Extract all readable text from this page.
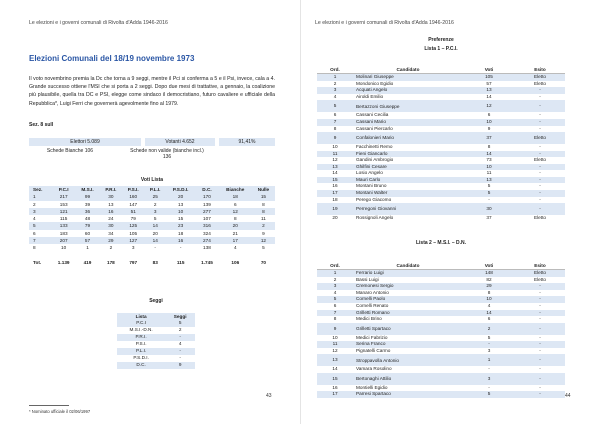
Le elezioni e i governi comunali di Rivolta d'Adda 1946-2016
Elezioni Comunali del 18/19 novembre 1973
Il voto novembrino premia la Dc che torna a 9 seggi, mentre il Pci si conferma a 5 e il Psi, invece, cala a 4. Grande successo ottiene l'MSI che si porta a 2 seggi. Dopo due mesi di trattative, a gennaio, la coalizione più plausibile, quella tra DC e PSI, elegge come sindaco il democristiano, futuro cavaliere e ufficiale della Repubblica*, Luigi Ferri che governerà agevolmente fino al 1979.
Sez. 8 sull
Elettori 5.089	Votanti 4.652	91,41%
Schede Bianche 106	Schede non valide (bianche incl.)
136
Voti Lista
Sez.	P.C.I	M.S.I.	P.R.I.	P.S.I.	P.L.I.	P.S.D.I.	D.C.	Bianche	Nulle
1	217	99	30	160	25	20	170	18	15
2	153	39	13	147	2	13	139	6	8
3	121	36	16	51	3	10	277	12	8
4	115	48	24	79	5	15	107	8	11
5	133	79	30	125	14	23	316	20	2
6	183	60	34	105	20	18	324	21	9
7	207	57	29	127	14	16	274	17	12
8	10	1	2	3	-	-	138	4	5

Tot.	1.139	419	178	797	83	115	1.745	106	70
Seggi
Lista	Seggi
P.C.I	5
M.S.I.-D.N.	2
P.R.I.	-
P.S.I.	4
P.L.I.	-
P.S.D.I.	-
D.C.	9
* Nominato ufficiale il 02/06/1997
43
Le elezioni e i governi comunali di Rivolta d'Adda 1946-2016
Preferenze
Lista 1 – P.C.I.
Ord.	Candidato	Voti	Esito
1	Molinari Giuseppe	105	Eletto
2	Mondonico Egidio	57	Eletto
3	Acquati Angelo	13	-
4	Airoldi Emilio	14	-
5	Bertazzoni Giuseppe	12	-
6	Cassani Cecilia	6	-
7	Cassani Mario	10	-
8	Cassani Piercarlo	9	-
9	Confalonieri Mario	37	Eletto
10	Facchinetti Remo	8	-
11	Fieni Giancarlo	14	-
12	Gandini Ambrogio	73	Eletto
13	Ghilfini Cesare	10	-
14	Losio Angelo	11	-
15	Mauri Carlo	13	-
16	Montani Bruno	5	-
17	Montani Walter	5	-
18	Perego Giacomo	-	-
19	Perregoni Giovanni	30	-
20	Rossignoli Angelo	37	Eletto
Lista 2 – M.S.I. – D.N.
Ord.	Candidato	Voti	Esito
1	Ferrario Luigi	148	Eletto
2	Bassi Luigi	82	Eletto
3	Cremonesi Sergio	29	-
4	Manaro Antonio	8	-
5	Cornelli Paolo	10	-
6	Cornelli Renato	4	-
7	Grilletti Romano	14	-
8	Medici Brino	6	-
9	Grilletti Spartaco	2	-
10	Medici Fabrizio	5	-
11	Serina Franco	-	-
12	Pignatelli Carmo	3	-
13	Stroppavolla Antonio	1	-
14	Vamara Rosolino	-	-
15	Bertonaghi Attilio	3	-
16	Montielli Egidio	-	-
17	Parresi Spartaco	5	-	44
